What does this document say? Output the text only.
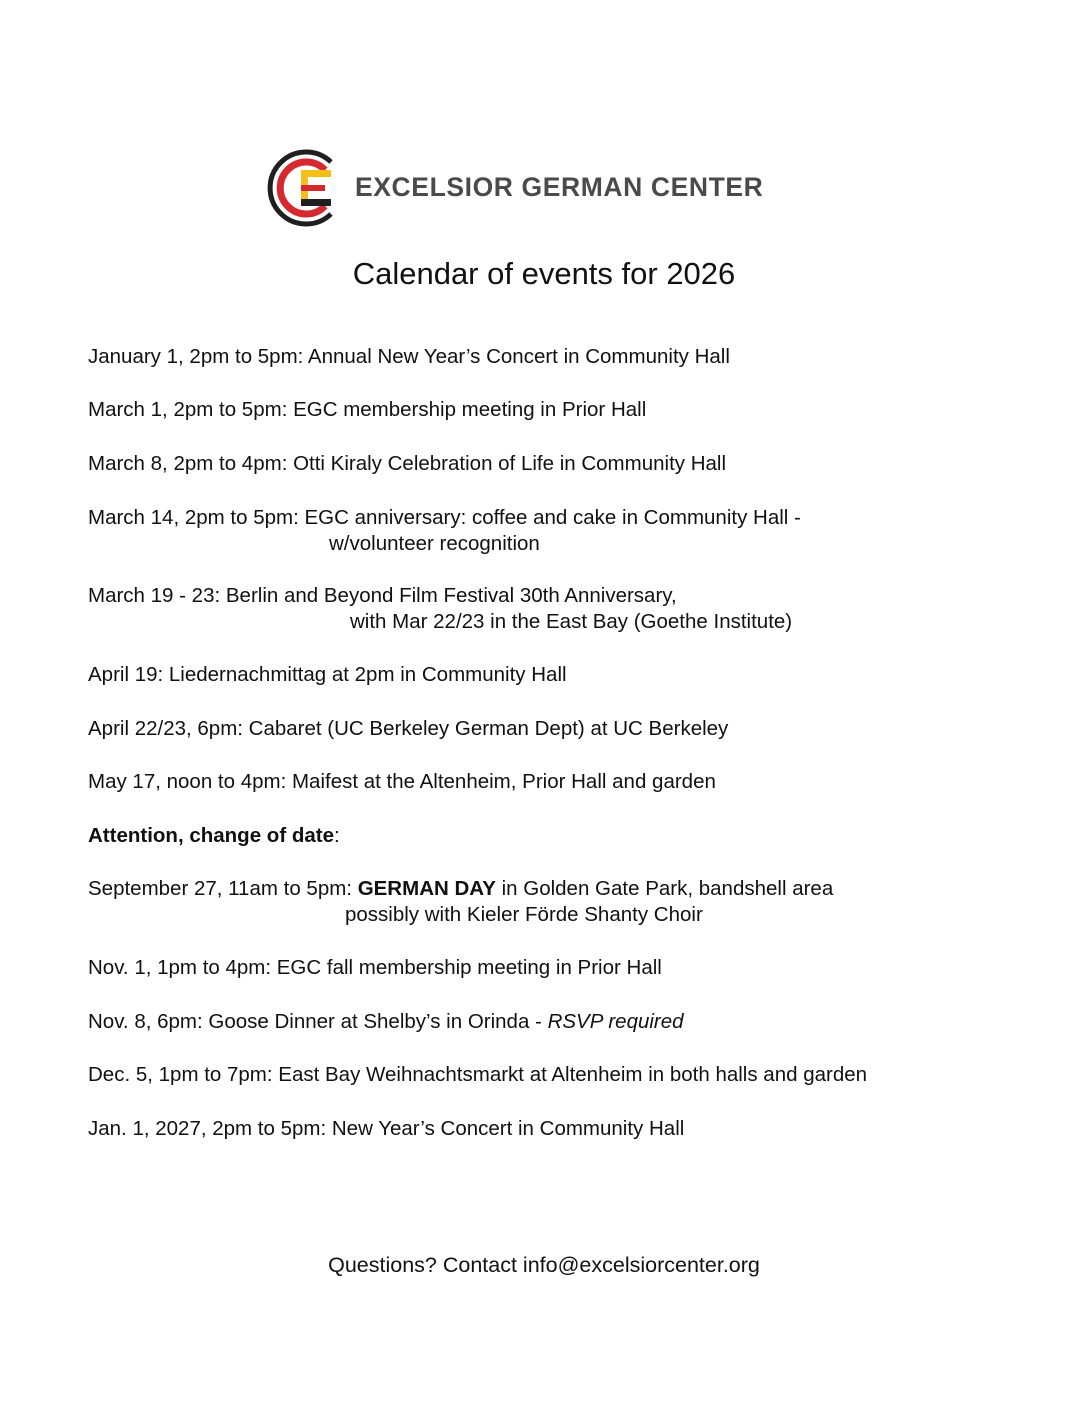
EXCELSIOR GERMAN CENTER
Calendar of events for 2026
January 1, 2pm to 5pm: Annual New Year’s Concert in Community Hall
March 1, 2pm to 5pm: EGC membership meeting in Prior Hall
March 8, 2pm to 4pm: Otti Kiraly Celebration of Life in Community Hall
March 14, 2pm to 5pm: EGC anniversary: coffee and cake in Community Hall -
w/volunteer recognition
March 19 - 23: Berlin and Beyond Film Festival 30th Anniversary,
with Mar 22/23 in the East Bay (Goethe Institute)
April 19: Liedernachmittag at 2pm in Community Hall
April 22/23, 6pm: Cabaret (UC Berkeley German Dept) at UC Berkeley
May 17, noon to 4pm: Maifest at the Altenheim, Prior Hall and garden
Attention, change of date:
September 27, 11am to 5pm: GERMAN DAY in Golden Gate Park, bandshell area
possibly with Kieler Förde Shanty Choir
Nov. 1, 1pm to 4pm: EGC fall membership meeting in Prior Hall
Nov. 8, 6pm: Goose Dinner at Shelby’s in Orinda - RSVP required
Dec. 5, 1pm to 7pm: East Bay Weihnachtsmarkt at Altenheim in both halls and garden
Jan. 1, 2027, 2pm to 5pm: New Year’s Concert in Community Hall
Questions? Contact info@excelsiorcenter.org
